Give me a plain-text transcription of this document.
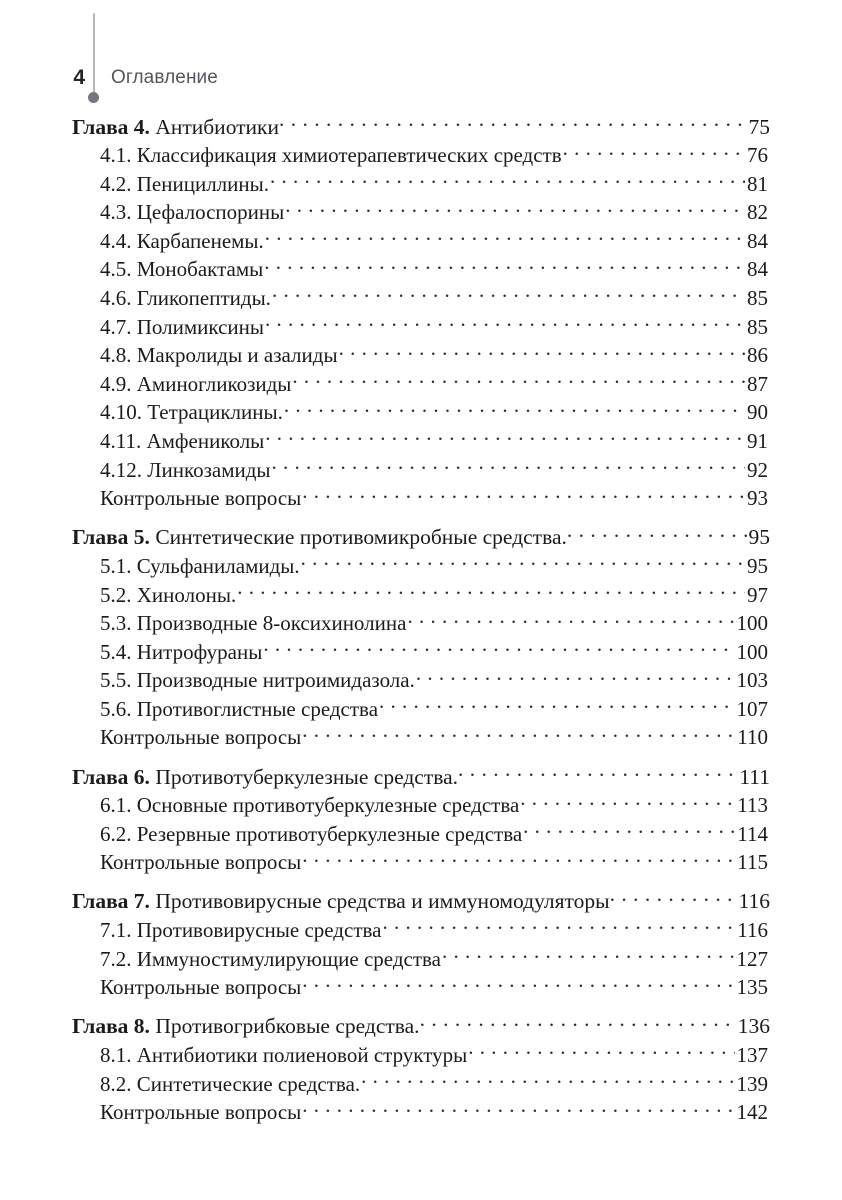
4 Оглавление
Глава 4. Антибиотики . . .	75
4.1. Классификация химиотерапевтических средств . . .	76
4.2. Пенициллины. . . .	81
4.3. Цефалоспорины . . .	82
4.4. Карбапенемы. . . .	84
4.5. Монобактамы . . .	84
4.6. Гликопептиды. . . .	85
4.7. Полимиксины . . .	85
4.8. Макролиды и азалиды . . .	86
4.9. Аминогликозиды . . .	87
4.10. Тетрациклины. . . .	90
4.11. Амфениколы . . .	91
4.12. Линкозамиды . . .	92
Контрольные вопросы . . .	93
Глава 5. Синтетические противомикробные средства. . . .	95
5.1. Сульфаниламиды. . . .	95
5.2. Хинолоны. . . .	97
5.3. Производные 8-оксихинолина . . .	100
5.4. Нитрофураны . . .	100
5.5. Производные нитроимидазола. . . .	103
5.6. Противоглистные средства . . .	107
Контрольные вопросы . . .	110
Глава 6. Противотуберкулезные средства. . . .	111
6.1. Основные противотуберкулезные средства . . .	113
6.2. Резервные противотуберкулезные средства . . .	114
Контрольные вопросы . . .	115
Глава 7. Противовирусные средства и иммуномодуляторы . . .	116
7.1. Противовирусные средства . . .	116
7.2. Иммуностимулирующие средства . . .	127
Контрольные вопросы . . .	135
Глава 8. Противогрибковые средства. . . .	136
8.1. Антибиотики полиеновой структуры . . .	137
8.2. Синтетические средства. . . .	139
Контрольные вопросы . . .	142
